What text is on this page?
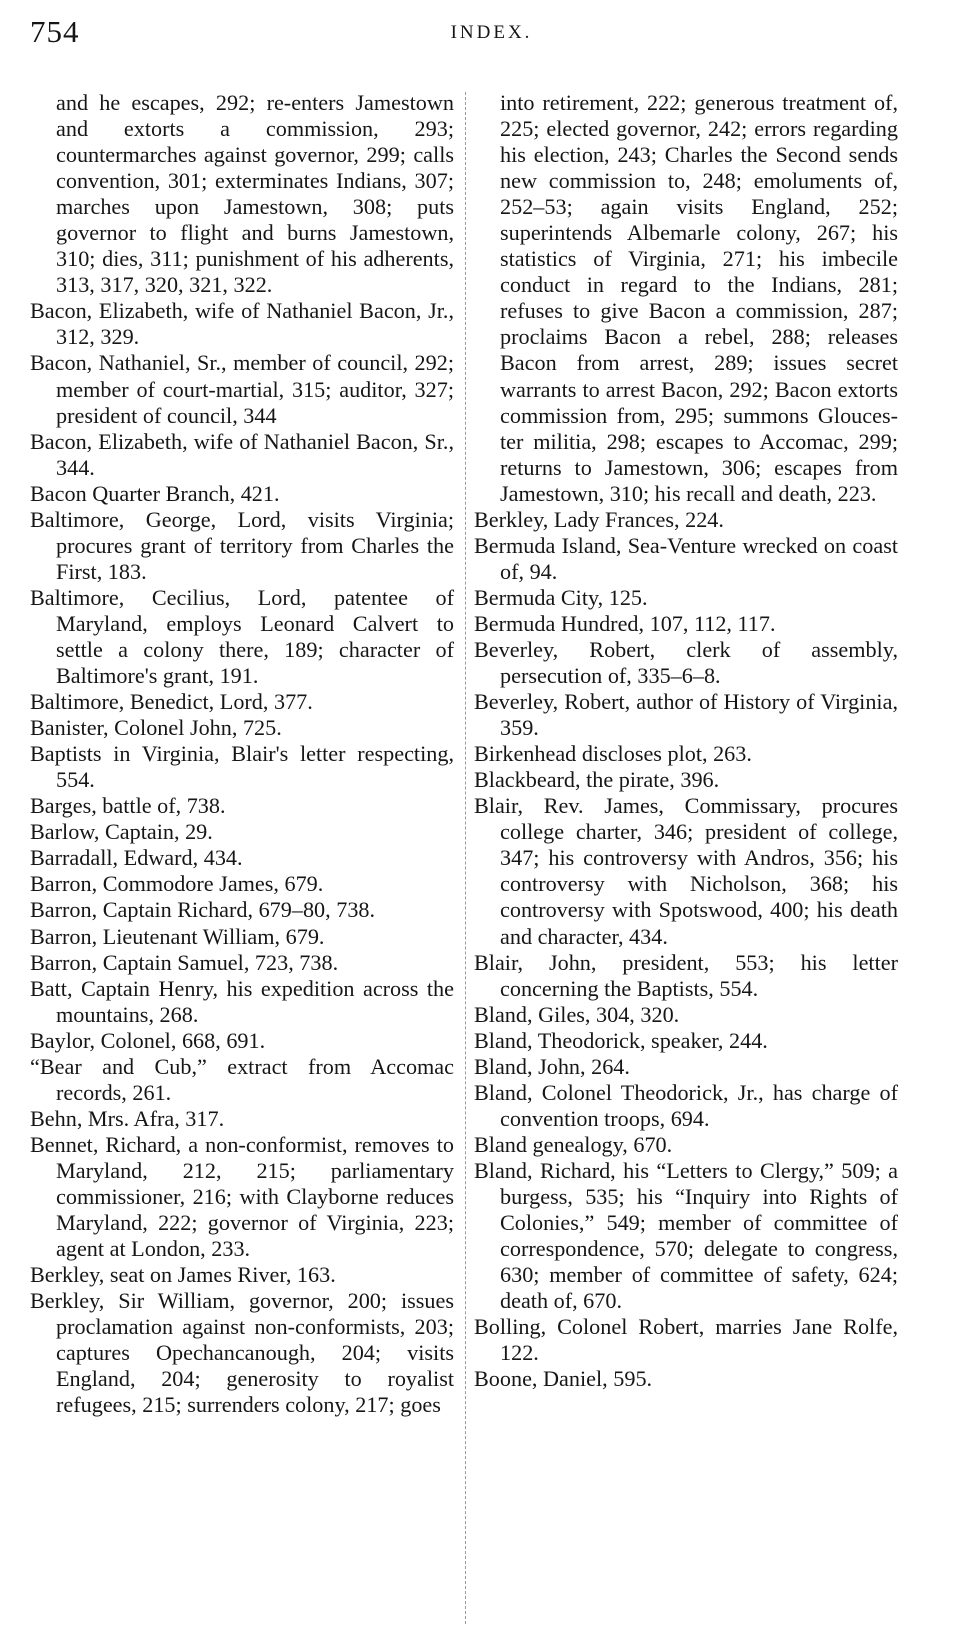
754	INDEX.

and he escapes, 292; re-enters Jamestown and extorts a commission, 293; countermarches against governor, 299; calls convention, 301; exterminates Indians, 307; marches upon Jamestown, 308; puts governor to flight and burns Jamestown, 310; dies, 311; punishment of his adherents, 313, 317, 320, 321, 322.

Bacon, Elizabeth, wife of Nathaniel Bacon, Jr., 312, 329.

Bacon, Nathaniel, Sr., member of council, 292; member of court-martial, 315; auditor, 327; president of council, 344

Bacon, Elizabeth, wife of Nathaniel Bacon, Sr., 344.

Bacon Quarter Branch, 421.

Baltimore, George, Lord, visits Virginia; procures grant of territory from Charles the First, 183.

Baltimore, Cecilius, Lord, patentee of Maryland, employs Leonard Calvert to settle a colony there, 189; character of Baltimore's grant, 191.

Baltimore, Benedict, Lord, 377.

Banister, Colonel John, 725.

Baptists in Virginia, Blair's letter respecting, 554.

Barges, battle of, 738.

Barlow, Captain, 29.

Barradall, Edward, 434.

Barron, Commodore James, 679.

Barron, Captain Richard, 679–80, 738.

Barron, Lieutenant William, 679.

Barron, Captain Samuel, 723, 738.

Batt, Captain Henry, his expedition across the mountains, 268.

Baylor, Colonel, 668, 691.

“Bear and Cub,” extract from Accomac records, 261.

Behn, Mrs. Afra, 317.

Bennet, Richard, a non-conformist, removes to Maryland, 212, 215; parliamentary commissioner, 216; with Clayborne reduces Maryland, 222; governor of Virginia, 223; agent at London, 233.

Berkley, seat on James River, 163.

Berkley, Sir William, governor, 200; issues proclamation against non-conformists, 203; captures Opechancanough, 204; visits England, 204; generosity to royalist refugees, 215; surrenders colony, 217; goes

into retirement, 222; generous treatment of, 225; elected governor, 242; errors regarding his election, 243; Charles the Second sends new commission to, 248; emoluments of, 252–53; again visits England, 252; superintends Albemarle colony, 267; his statistics of Virginia, 271; his imbecile conduct in regard to the Indians, 281; refuses to give Bacon a commission, 287; proclaims Bacon a rebel, 288; releases Bacon from arrest, 289; issues secret warrants to arrest Bacon, 292; Bacon extorts commission from, 295; summons Gloucester militia, 298; escapes to Accomac, 299; returns to Jamestown, 306; escapes from Jamestown, 310; his recall and death, 223.

Berkley, Lady Frances, 224.

Bermuda Island, Sea-Venture wrecked on coast of, 94.

Bermuda City, 125.

Bermuda Hundred, 107, 112, 117.

Beverley, Robert, clerk of assembly, persecution of, 335–6–8.

Beverley, Robert, author of History of Virginia, 359.

Birkenhead discloses plot, 263.

Blackbeard, the pirate, 396.

Blair, Rev. James, Commissary, procures college charter, 346; president of college, 347; his controversy with Andros, 356; his controversy with Nicholson, 368; his controversy with Spotswood, 400; his death and character, 434.

Blair, John, president, 553; his letter concerning the Baptists, 554.

Bland, Giles, 304, 320.

Bland, Theodorick, speaker, 244.

Bland, John, 264.

Bland, Colonel Theodorick, Jr., has charge of convention troops, 694.

Bland genealogy, 670.

Bland, Richard, his “Letters to Clergy,” 509; a burgess, 535; his “Inquiry into Rights of Colonies,” 549; member of committee of correspondence, 570; delegate to congress, 630; member of committee of safety, 624; death of, 670.

Bolling, Colonel Robert, marries Jane Rolfe, 122.

Boone, Daniel, 595.
